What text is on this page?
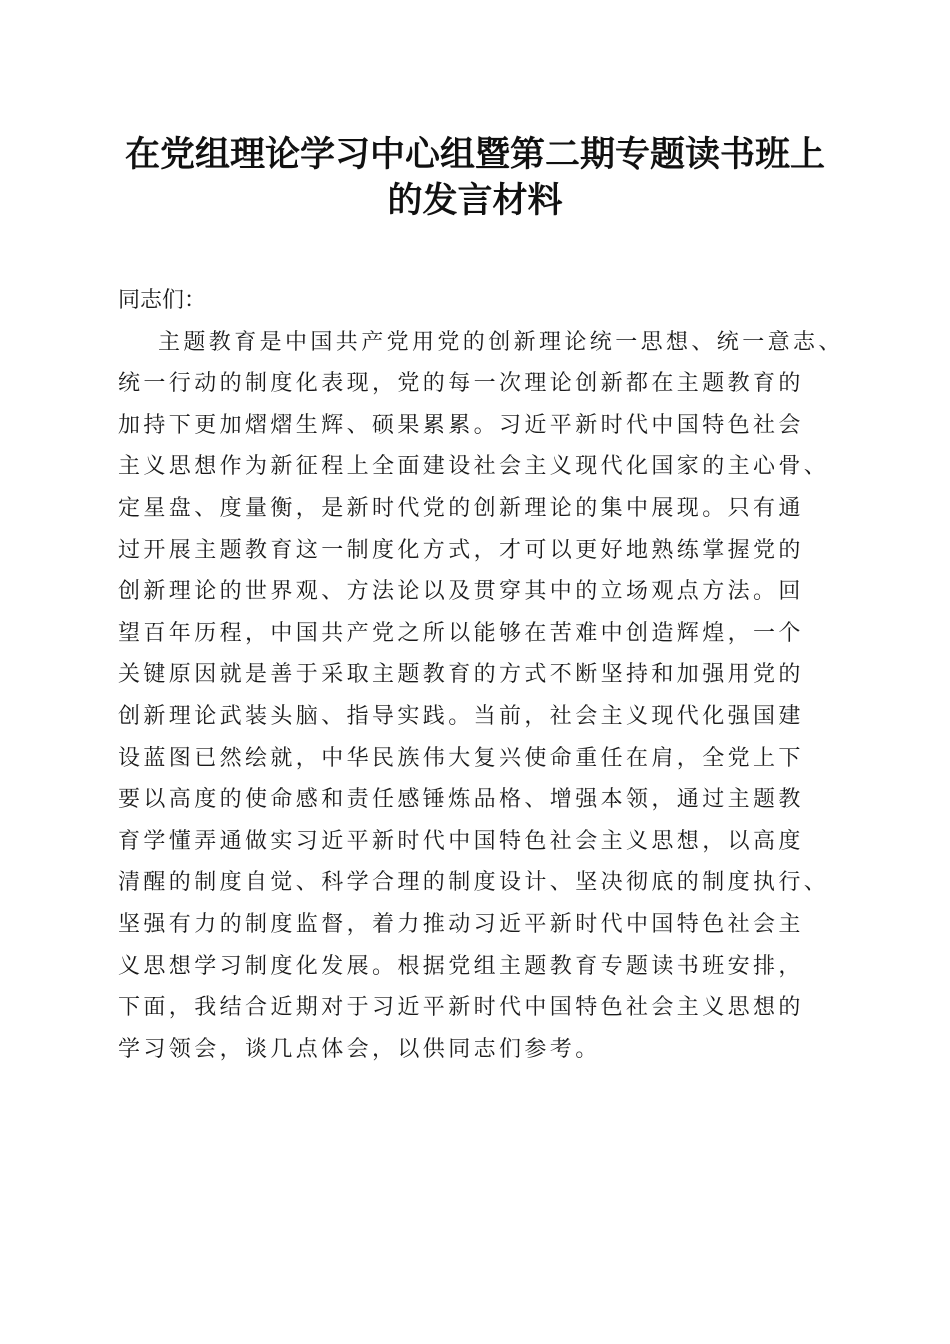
在党组理论学习中心组暨第二期专题读书班上
的发言材料

同志们：

主题教育是中国共产党用党的创新理论统一思想、统一意志、

统一行动的制度化表现，党的每一次理论创新都在主题教育的

加持下更加熠熠生辉、硕果累累。习近平新时代中国特色社会

主义思想作为新征程上全面建设社会主义现代化国家的主心骨、

定星盘、度量衡，是新时代党的创新理论的集中展现。只有通

过开展主题教育这一制度化方式，才可以更好地熟练掌握党的

创新理论的世界观、方法论以及贯穿其中的立场观点方法。回

望百年历程，中国共产党之所以能够在苦难中创造辉煌，一个

关键原因就是善于采取主题教育的方式不断坚持和加强用党的

创新理论武装头脑、指导实践。当前，社会主义现代化强国建

设蓝图已然绘就，中华民族伟大复兴使命重任在肩，全党上下

要以高度的使命感和责任感锤炼品格、增强本领，通过主题教

育学懂弄通做实习近平新时代中国特色社会主义思想，以高度

清醒的制度自觉、科学合理的制度设计、坚决彻底的制度执行、

坚强有力的制度监督，着力推动习近平新时代中国特色社会主

义思想学习制度化发展。根据党组主题教育专题读书班安排，

下面，我结合近期对于习近平新时代中国特色社会主义思想的

学习领会，谈几点体会，以供同志们参考。
